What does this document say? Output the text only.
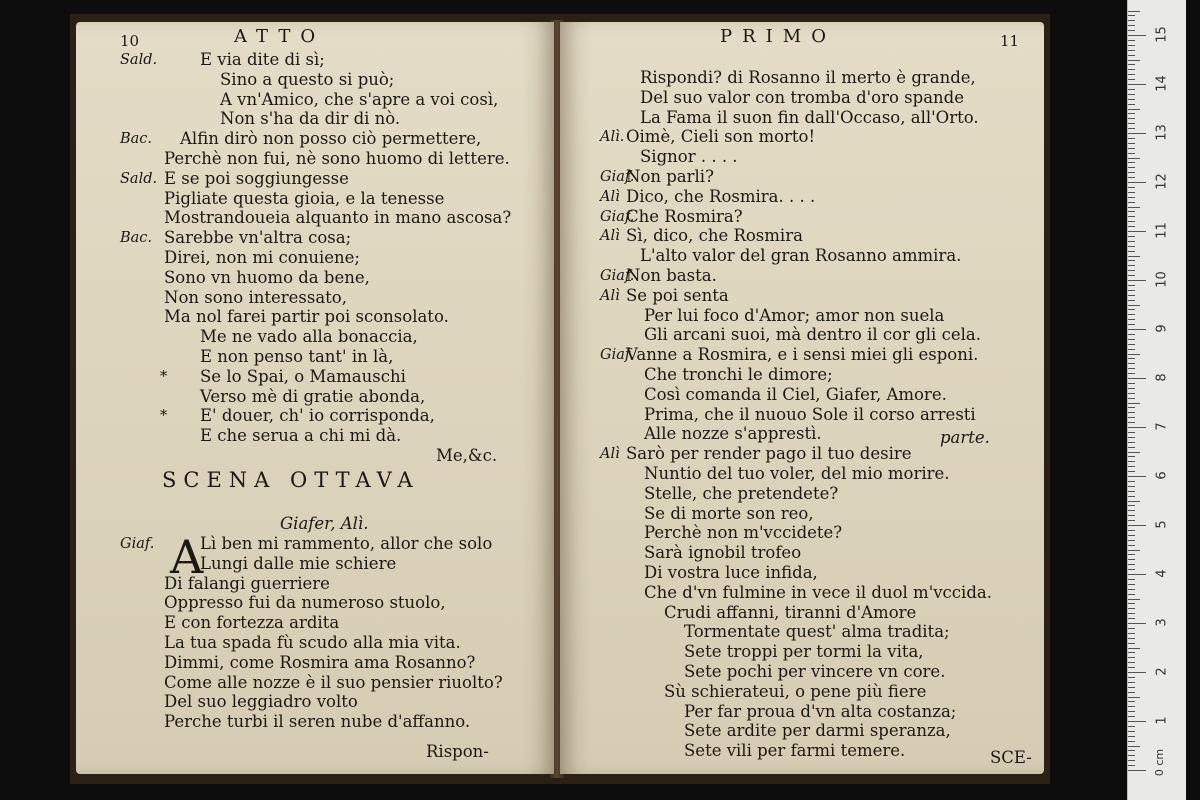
10	ATTO
Sald.	E via dite di sì;
Sino a questo si può;
A vn'Amico, che s'apre a voi così,
Non s'ha da dir di nò.
Bac. Alfin dirò non posso ciò permettere,
Perchè non fui, nè sono huomo di lettere.
Sald. E se poi soggiungesse
Pigliate questa gioia, e la tenesse
Mostrandoueia alquanto in mano ascosa?
Bac. Sarebbe vn'altra cosa;
Direi, non mi conuiene;
Sono vn huomo da bene,
Non sono interessato,
Ma nol farei partir poi sconsolato.
Me ne vado alla bonaccia,
E non penso tant' in là,
* Se lo Spai, o Mamauschi
Verso mè di gratie abonda,
* E' douer, ch' io corrisponda,
E che serua a chi mi dà.
Me,&c.
SCENA OTTAVA
Giafer, Alì.
A
Giaf.	Lì ben mi rammento, allor che solo
Lungi dalle mie schiere
Di falangi guerriere
Oppresso fui da numeroso stuolo,
E con fortezza ardita
La tua spada fù scudo alla mia vita.
Dimmi, come Rosmira ama Rosanno?
Come alle nozze è il suo pensier riuolto?
Del suo leggiadro volto
Perche turbi il seren nube d'affanno.
Rispon-
PRIMO	11
Rispondi? di Rosanno il merto è grande,
Del suo valor con tromba d'oro spande
La Fama il suon fin dall'Occaso, all'Orto.
Alì. Oimè, Cieli son morto!
Signor . . . .
Giaf.
Non parli?
Alì Dico, che Rosmira. . . .
Giaf.
Che Rosmira?
Alì Sì, dico, che Rosmira
L'alto valor del gran Rosanno ammira.
Giaf.
Non basta.
Alì Se poi senta
Per lui foco d'Amor; amor non suela
Gli arcani suoi, mà dentro il cor gli cela.
Giaf.
Vanne a Rosmira, e i sensi miei gli esponi.
Che tronchi le dimore;
Così comanda il Ciel, Giafer, Amore.
Prima, che il nuouo Sole il corso arresti
Alle nozze s'apprestì.
Alì Sarò per render pago il tuo desire
Nuntio del tuo voler, del mio morire.
Stelle, che pretendete?
Se di morte son reo,
Perchè non m'vccidete?
Sarà ignobil trofeo
Di vostra luce infida,
Che d'vn fulmine in vece il duol m'vccida.
Crudi affanni, tiranni d'Amore
Tormentate quest' alma tradita;
Sete troppi per tormi la vita,
Sete pochi per vincere vn core.
Sù schierateui, o pene più fiere
Per far proua d'vn alta costanza;
Sete ardite per darmi speranza,
Sete vili per farmi temere.
parte.
SCE-
1
2
3
4
5
6
7
8
9
10
11
12
13
14
15
0 cm
